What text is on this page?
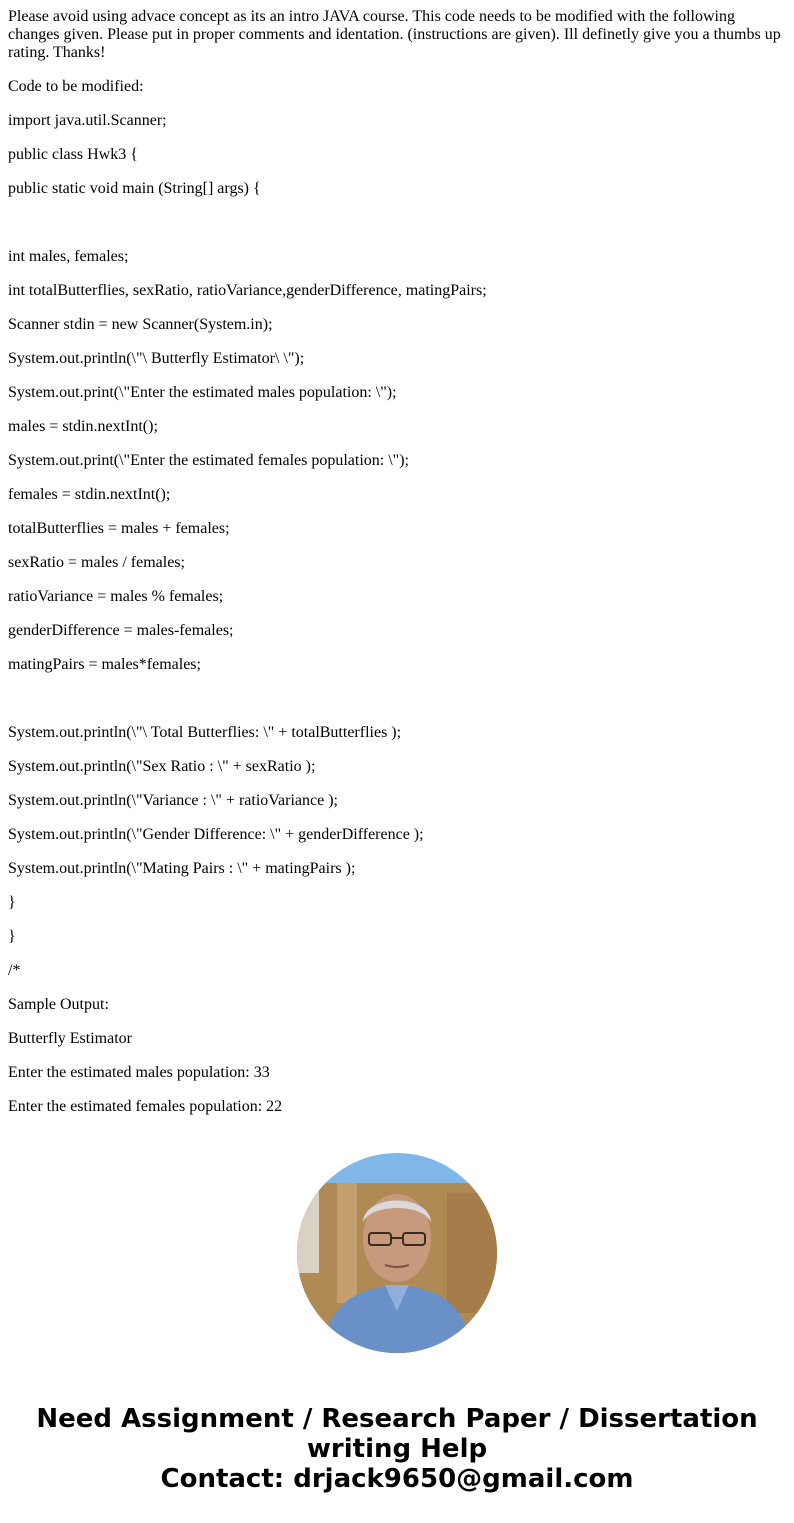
Please avoid using advace concept as its an intro JAVA course. This code needs to be modified with the following changes given. Please put in proper comments and identation. (instructions are given). Ill definetly give you a thumbs up rating. Thanks!

Code to be modified:

import java.util.Scanner;

public class Hwk3 {

public static void main (String[] args) {

int males, females;

int totalButterflies, sexRatio, ratioVariance,genderDifference, matingPairs;

Scanner stdin = new Scanner(System.in);

System.out.println(\"\ Butterfly Estimator\ \");

System.out.print(\"Enter the estimated males population: \");

males = stdin.nextInt();

System.out.print(\"Enter the estimated females population: \");

females = stdin.nextInt();

totalButterflies = males + females;

sexRatio = males / females;

ratioVariance = males % females;

genderDifference = males-females;

matingPairs = males*females;

System.out.println(\"\ Total Butterflies: \" + totalButterflies );

System.out.println(\"Sex Ratio : \" + sexRatio );

System.out.println(\"Variance : \" + ratioVariance );

System.out.println(\"Gender Difference: \" + genderDifference );

System.out.println(\"Mating Pairs : \" + matingPairs );

}

}

/*

Sample Output:

Butterfly Estimator

Enter the estimated males population: 33

Enter the estimated females population: 22

Need Assignment / Research Paper / Dissertation
writing Help
Contact: drjack9650@gmail.com
